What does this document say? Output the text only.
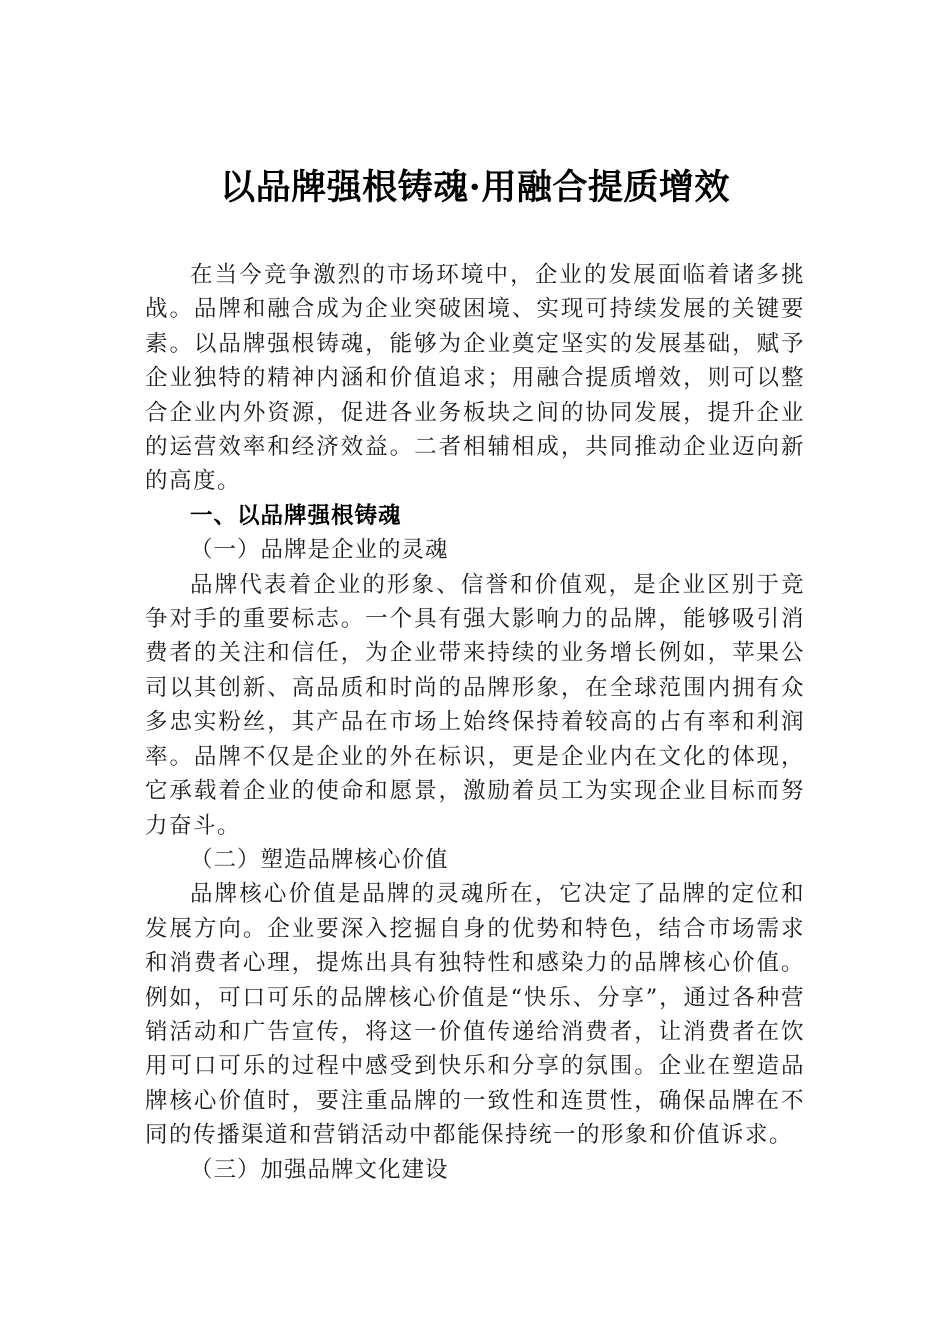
以品牌强根铸魂·用融合提质增效

在当今竞争激烈的市场环境中，企业的发展面临着诸多挑战。品牌和融合成为企业突破困境、实现可持续发展的关键要素。以品牌强根铸魂，能够为企业奠定坚实的发展基础，赋予企业独特的精神内涵和价值追求；用融合提质增效，则可以整合企业内外资源，促进各业务板块之间的协同发展，提升企业的运营效率和经济效益。二者相辅相成，共同推动企业迈向新的高度。

一、以品牌强根铸魂

（一）品牌是企业的灵魂

品牌代表着企业的形象、信誉和价值观，是企业区别于竞争对手的重要标志。一个具有强大影响力的品牌，能够吸引消费者的关注和信任，为企业带来持续的业务增长例如，苹果公司以其创新、高品质和时尚的品牌形象，在全球范围内拥有众多忠实粉丝，其产品在市场上始终保持着较高的占有率和利润率。品牌不仅是企业的外在标识，更是企业内在文化的体现，它承载着企业的使命和愿景，激励着员工为实现企业目标而努力奋斗。

（二）塑造品牌核心价值

品牌核心价值是品牌的灵魂所在，它决定了品牌的定位和发展方向。企业要深入挖掘自身的优势和特色，结合市场需求和消费者心理，提炼出具有独特性和感染力的品牌核心价值。例如，可口可乐的品牌核心价值是“快乐、分享”，通过各种营销活动和广告宣传，将这一价值传递给消费者，让消费者在饮用可口可乐的过程中感受到快乐和分享的氛围。企业在塑造品牌核心价值时，要注重品牌的一致性和连贯性，确保品牌在不同的传播渠道和营销活动中都能保持统一的形象和价值诉求。

（三）加强品牌文化建设
